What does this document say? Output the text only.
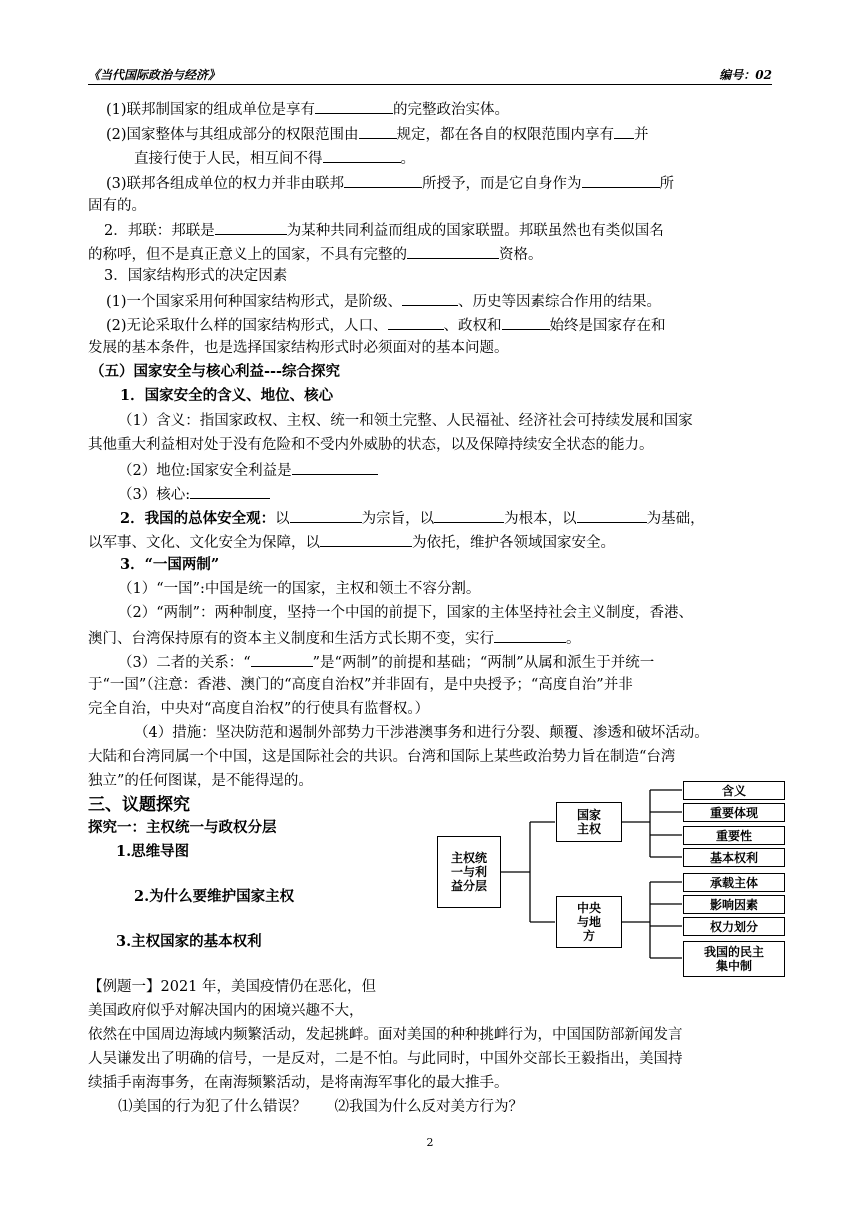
《当代国际政治与经济》	编号：02
(1)联邦制国家的组成单位是享有	的完整政治实体。
(2)国家整体与其组成部分的权限范围由	规定，都在各自的权限范围内享有 并
直接行使于人民，相互间不得	。
(3)联邦各组成单位的权力并非由联邦	所授予，而是它自身作为	所
固有的。
2．邦联：邦联是	为某种共同利益而组成的国家联盟。邦联虽然也有类似国名
的称呼，但不是真正意义上的国家，不具有完整的	资格。
3．国家结构形式的决定因素
(1)一个国家采用何种国家结构形式，是阶级、	、历史等因素综合作用的结果。
(2)无论采取什么样的国家结构形式，人口、	、政权和	始终是国家存在和
发展的基本条件，也是选择国家结构形式时必须面对的基本问题。
（五）国家安全与核心利益---综合探究
1．国家安全的含义、地位、核心
（1）含义：指国家政权、主权、统一和领土完整、人民福祉、经济社会可持续发展和国家
其他重大利益相对处于没有危险和不受内外威胁的状态，以及保障持续安全状态的能力。
（2）地位:国家安全利益是
（3）核心:
2．我国的总体安全观：以	为宗旨，以	为根本，以	为基础，
以军事、文化、文化安全为保障，以	为依托，维护各领域国家安全。
3．“一国两制”
（1）“一国”:中国是统一的国家，主权和领土不容分割。
（2）“两制”：两种制度，坚持一个中国的前提下，国家的主体坚持社会主义制度，香港、
澳门、台湾保持原有的资本主义制度和生活方式长期不变，实行	。
（3）二者的关系：“	”是“两制”的前提和基础；“两制”从属和派生于并统一
于“一国”（注意：香港、澳门的“高度自治权”并非固有，是中央授予；“高度自治”并非
完全自治，中央对“高度自治权”的行使具有监督权。）
（4）措施：坚决防范和遏制外部势力干涉港澳事务和进行分裂、颠覆、渗透和破坏活动。
大陆和台湾同属一个中国，这是国际社会的共识。台湾和国际上某些政治势力旨在制造“台湾
独立”的任何图谋，是不能得逞的。
三、议题探究
探究一：主权统一与政权分层
1.思维导图
2.为什么要维护国家主权
3.主权国家的基本权利
【例题一】2021 年，美国疫情仍在恶化，但
美国政府似乎对解决国内的困境兴趣不大，
依然在中国周边海域内频繁活动，发起挑衅。面对美国的种种挑衅行为，中国国防部新闻发言
人吴谦发出了明确的信号，一是反对，二是不怕。与此同时，中国外交部长王毅指出，美国持
续插手南海事务，在南海频繁活动，是将南海军事化的最大推手。
⑴美国的行为犯了什么错误？ ⑵我国为什么反对美方行为？
主权统一与利益分层
国家主权
中央与地方
含义
重要体现
重要性
基本权利
承载主体
影响因素
权力划分
我国的民主集中制
2
